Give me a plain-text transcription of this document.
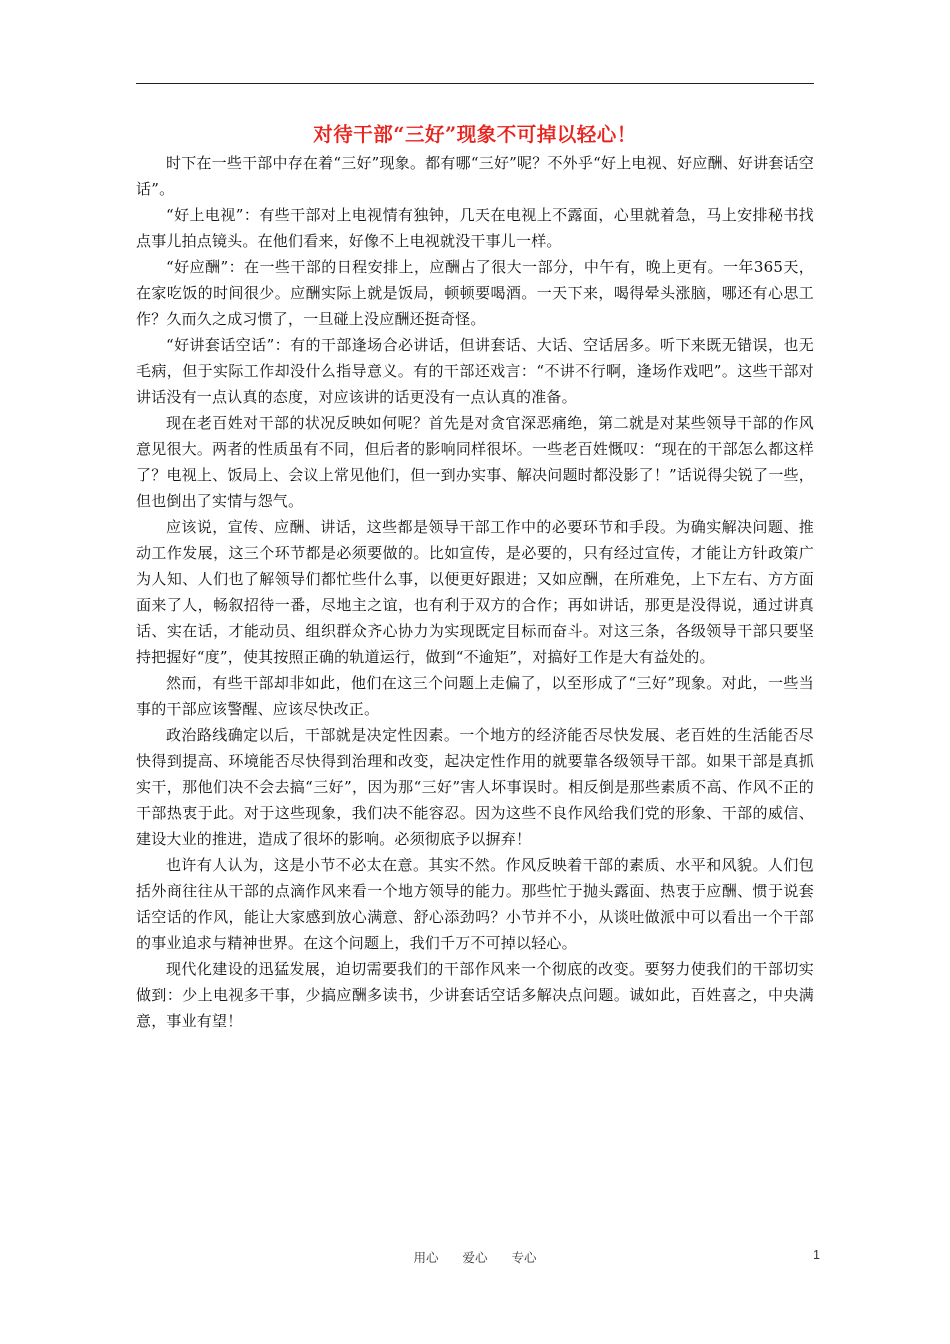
对待干部“三好”现象不可掉以轻心！

时下在一些干部中存在着“三好”现象。都有哪“三好”呢？不外乎“好上电视、好应酬、好讲套话空话”。

“好上电视”：有些干部对上电视情有独钟，几天在电视上不露面，心里就着急，马上安排秘书找点事儿拍点镜头。在他们看来，好像不上电视就没干事儿一样。

“好应酬”：在一些干部的日程安排上，应酬占了很大一部分，中午有，晚上更有。一年365天，在家吃饭的时间很少。应酬实际上就是饭局，顿顿要喝酒。一天下来，喝得晕头涨脑，哪还有心思工作？久而久之成习惯了，一旦碰上没应酬还挺奇怪。

“好讲套话空话”：有的干部逢场合必讲话，但讲套话、大话、空话居多。听下来既无错误，也无毛病，但于实际工作却没什么指导意义。有的干部还戏言：“不讲不行啊，逢场作戏吧”。这些干部对讲话没有一点认真的态度，对应该讲的话更没有一点认真的准备。

现在老百姓对干部的状况反映如何呢？首先是对贪官深恶痛绝，第二就是对某些领导干部的作风意见很大。两者的性质虽有不同，但后者的影响同样很坏。一些老百姓慨叹：“现在的干部怎么都这样了？电视上、饭局上、会议上常见他们，但一到办实事、解决问题时都没影了！”话说得尖锐了一些，但也倒出了实情与怨气。

应该说，宣传、应酬、讲话，这些都是领导干部工作中的必要环节和手段。为确实解决问题、推动工作发展，这三个环节都是必须要做的。比如宣传，是必要的，只有经过宣传，才能让方针政策广为人知、人们也了解领导们都忙些什么事，以便更好跟进；又如应酬，在所难免，上下左右、方方面面来了人，畅叙招待一番，尽地主之谊，也有利于双方的合作；再如讲话，那更是没得说，通过讲真话、实在话，才能动员、组织群众齐心协力为实现既定目标而奋斗。对这三条，各级领导干部只要坚持把握好“度”，使其按照正确的轨道运行，做到“不逾矩”，对搞好工作是大有益处的。

然而，有些干部却非如此，他们在这三个问题上走偏了，以至形成了“三好”现象。对此，一些当事的干部应该警醒、应该尽快改正。

政治路线确定以后，干部就是决定性因素。一个地方的经济能否尽快发展、老百姓的生活能否尽快得到提高、环境能否尽快得到治理和改变，起决定性作用的就要靠各级领导干部。如果干部是真抓实干，那他们决不会去搞“三好”，因为那“三好”害人坏事误时。相反倒是那些素质不高、作风不正的干部热衷于此。对于这些现象，我们决不能容忍。因为这些不良作风给我们党的形象、干部的威信、建设大业的推进，造成了很坏的影响。必须彻底予以摒弃！

也许有人认为，这是小节不必太在意。其实不然。作风反映着干部的素质、水平和风貌。人们包括外商往往从干部的点滴作风来看一个地方领导的能力。那些忙于抛头露面、热衷于应酬、惯于说套话空话的作风，能让大家感到放心满意、舒心添劲吗？小节并不小，从谈吐做派中可以看出一个干部的事业追求与精神世界。在这个问题上，我们千万不可掉以轻心。

现代化建设的迅猛发展，迫切需要我们的干部作风来一个彻底的改变。要努力使我们的干部切实做到：少上电视多干事，少搞应酬多读书，少讲套话空话多解决点问题。诚如此，百姓喜之，中央满意，事业有望！

用心 爱心 专心	1
